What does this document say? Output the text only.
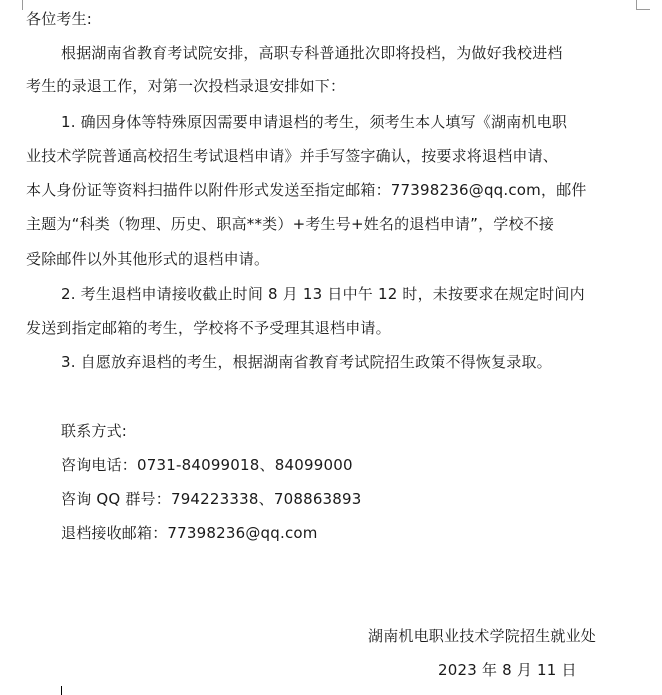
各位考生:
根据湖南省教育考试院安排，高职专科普通批次即将投档，为做好我校进档
考生的录退工作，对第一次投档录退安排如下：
1. 确因身体等特殊原因需要申请退档的考生，须考生本人填写《湖南机电职
业技术学院普通高校招生考试退档申请》并手写签字确认，按要求将退档申请、
本人身份证等资料扫描件以附件形式发送至指定邮箱：77398236@qq.com，邮件
主题为“科类（物理、历史、职高**类）+考生号+姓名的退档申请”，学校不接
受除邮件以外其他形式的退档申请。
2. 考生退档申请接收截止时间 8 月 13 日中午 12 时，未按要求在规定时间内
发送到指定邮箱的考生，学校将不予受理其退档申请。
3. 自愿放弃退档的考生，根据湖南省教育考试院招生政策不得恢复录取。
联系方式:
咨询电话：0731-84099018、84099000
咨询 QQ 群号：794223338、708863893
退档接收邮箱：77398236@qq.com
湖南机电职业技术学院招生就业处
2023 年 8 月 11 日
